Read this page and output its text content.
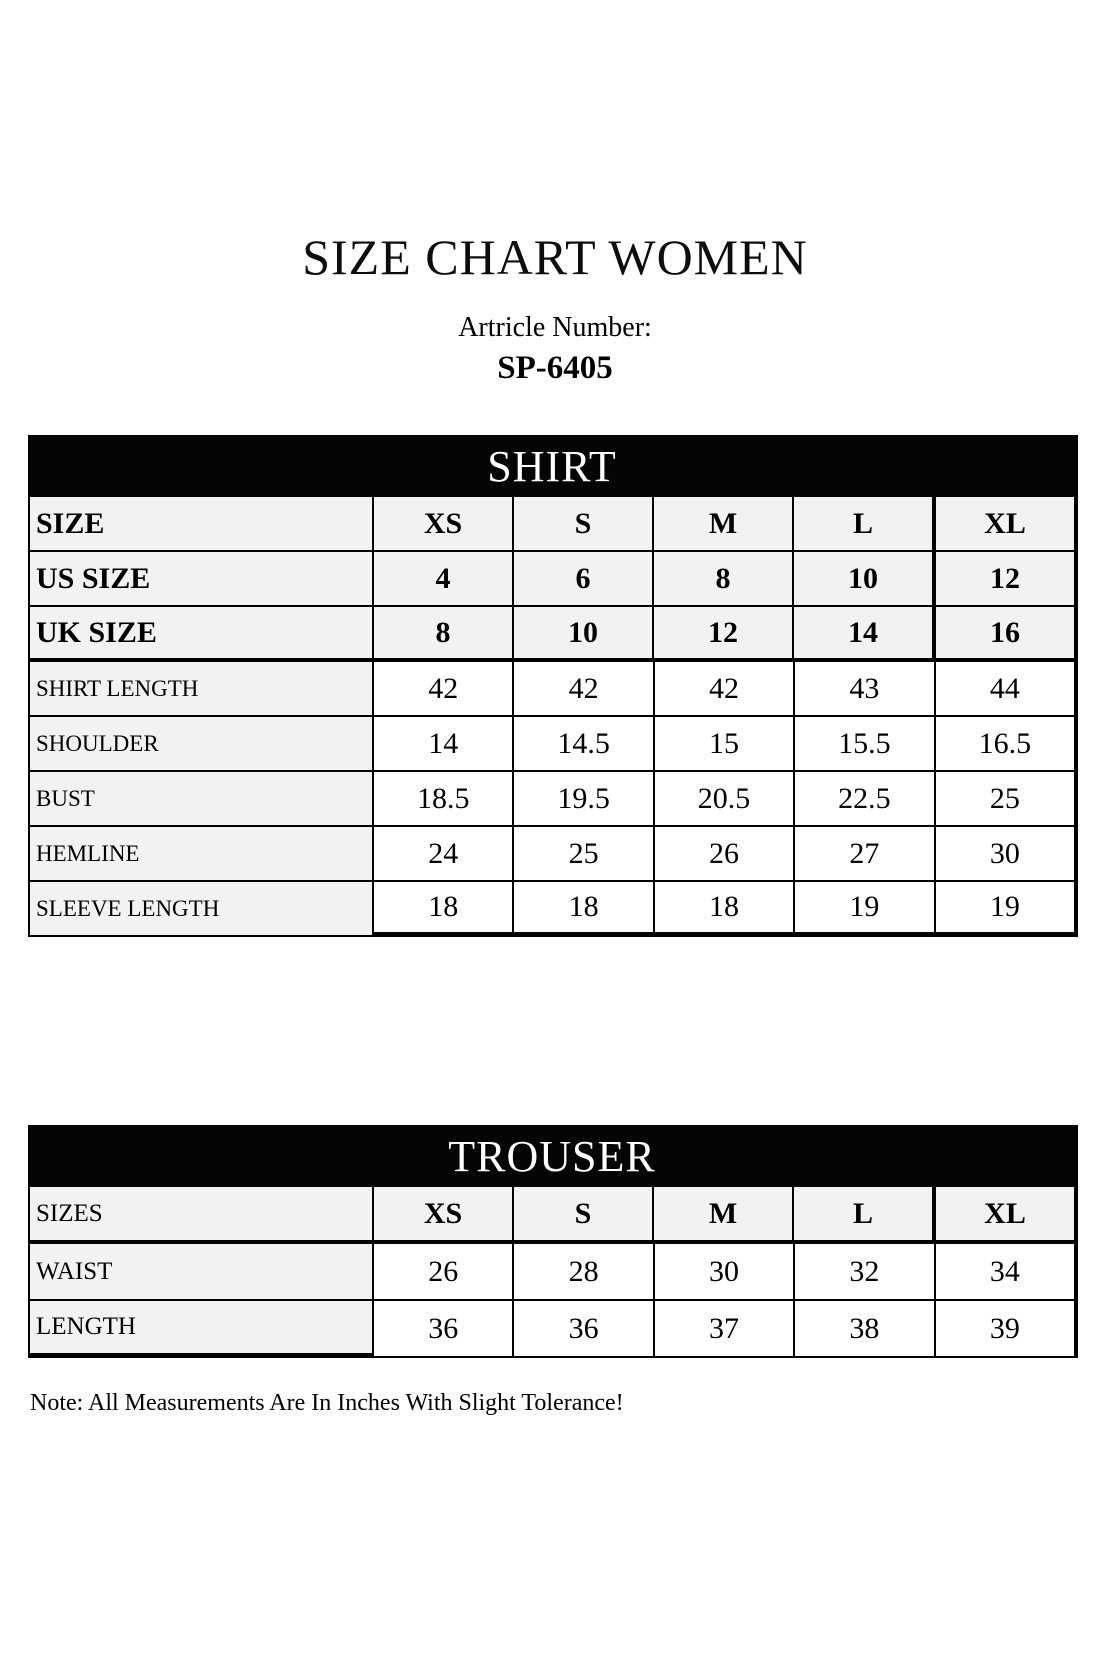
SIZE CHART WOMEN
Artricle Number:
SP-6405
SHIRT
SIZE	XS	S	M	L	XL
US SIZE	4	6	8	10	12
UK SIZE	8	10	12	14	16
SHIRT LENGTH	42	42	42	43	44
SHOULDER	14	14.5	15	15.5	16.5
BUST	18.5	19.5	20.5	22.5	25
HEMLINE	24	25	26	27	30
SLEEVE LENGTH	18	18	18	19	19
TROUSER
SIZES	XS	S	M	L	XL
WAIST	26	28	30	32	34
LENGTH	36	36	37	38	39
Note: All Measurements Are In Inches With Slight Tolerance!
